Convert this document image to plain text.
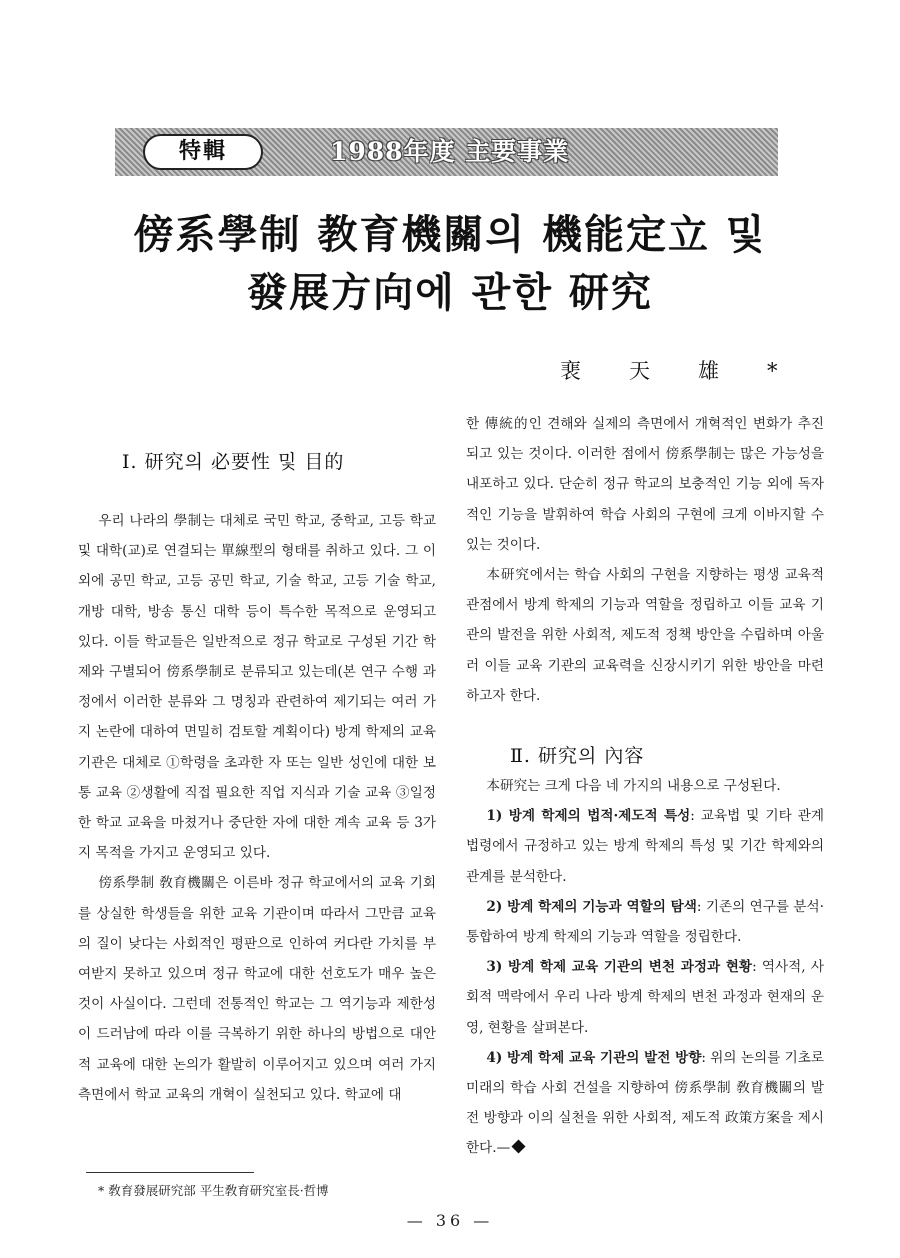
特輯	1988年度 主要事業
傍系學制 教育機關의 機能定立 및
發展方向에 관한 研究
裵天雄*
Ⅰ. 研究의 必要性 및 目的

우리 나라의 學制는 대체로 국민 학교, 중학교, 고등 학교 및 대학(교)로 연결되는 單線型의 형태를 취하고 있다. 그 이외에 공민 학교, 고등 공민 학교, 기술 학교, 고등 기술 학교, 개방 대학, 방송 통신 대학 등이 특수한 목적으로 운영되고 있다. 이들 학교들은 일반적으로 정규 학교로 구성된 기간 학제와 구별되어 傍系學制로 분류되고 있는데(본 연구 수행 과정에서 이러한 분류와 그 명칭과 관련하여 제기되는 여러 가지 논란에 대하여 면밀히 검토할 계획이다) 방계 학제의 교육 기관은 대체로 ①학령을 초과한 자 또는 일반 성인에 대한 보통 교육 ②생활에 직접 필요한 직업 지식과 기술 교육 ③일정한 학교 교육을 마쳤거나 중단한 자에 대한 계속 교육 등 3가지 목적을 가지고 운영되고 있다.

傍系學制 敎育機關은 이른바 정규 학교에서의 교육 기회를 상실한 학생들을 위한 교육 기관이며 따라서 그만큼 교육의 질이 낮다는 사회적인 평판으로 인하여 커다란 가치를 부여받지 못하고 있으며 정규 학교에 대한 선호도가 매우 높은 것이 사실이다. 그런데 전통적인 학교는 그 역기능과 제한성이 드러남에 따라 이를 극복하기 위한 하나의 방법으로 대안적 교육에 대한 논의가 활발히 이루어지고 있으며 여러 가지 측면에서 학교 교육의 개혁이 실천되고 있다. 학교에 대

한 傳統的인 견해와 실제의 측면에서 개혁적인 변화가 추진되고 있는 것이다. 이러한 점에서 傍系學制는 많은 가능성을 내포하고 있다. 단순히 정규 학교의 보충적인 기능 외에 독자적인 기능을 발휘하여 학습 사회의 구현에 크게 이바지할 수 있는 것이다.

本研究에서는 학습 사회의 구현을 지향하는 평생 교육적 관점에서 방계 학제의 기능과 역할을 정립하고 이들 교육 기관의 발전을 위한 사회적, 제도적 정책 방안을 수립하며 아울러 이들 교육 기관의 교육력을 신장시키기 위한 방안을 마련하고자 한다.

Ⅱ. 研究의 內容

本研究는 크게 다음 네 가지의 내용으로 구성된다.

1) 방계 학제의 법적·제도적 특성: 교육법 및 기타 관계 법령에서 규정하고 있는 방계 학제의 특성 및 기간 학제와의 관계를 분석한다.

2) 방계 학제의 기능과 역할의 탐색: 기존의 연구를 분석·통합하여 방계 학제의 기능과 역할을 정립한다.

3) 방계 학제 교육 기관의 변천 과정과 현황: 역사적, 사회적 맥락에서 우리 나라 방계 학제의 변천 과정과 현재의 운영, 현황을 살펴본다.

4) 방계 학제 교육 기관의 발전 방향: 위의 논의를 기초로 미래의 학습 사회 건설을 지향하여 傍系學制 敎育機關의 발전 방향과 이의 실천을 위한 사회적, 제도적 政策方案을 제시한다.—

* 敎育發展研究部 平生敎育研究室長·哲博
— 36 —
